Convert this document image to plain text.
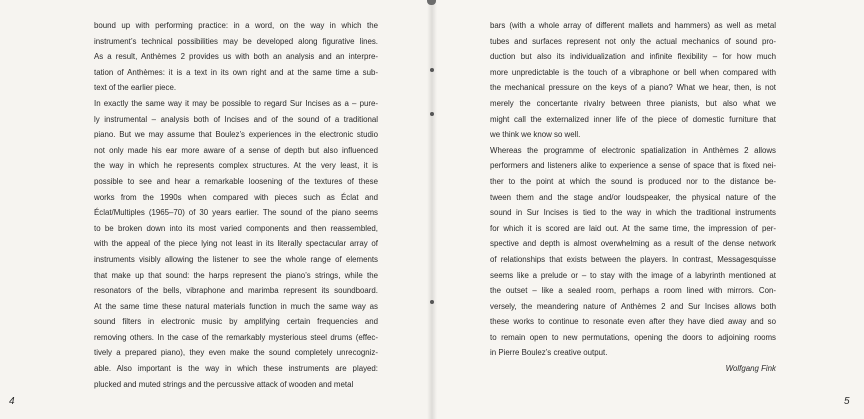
bound up with performing practice: in a word, on the way in which the
instrument’s technical possibilities may be developed along figurative lines.
As a result, Anthèmes 2 provides us with both an analysis and an interpre-
tation of Anthèmes: it is a text in its own right and at the same time a sub-
text of the earlier piece.
In exactly the same way it may be possible to regard Sur Incises as a – pure-
ly instrumental – analysis both of Incises and of the sound of a traditional
piano. But we may assume that Boulez’s experiences in the electronic studio
not only made his ear more aware of a sense of depth but also influenced
the way in which he represents complex structures. At the very least, it is
possible to see and hear a remarkable loosening of the textures of these
works from the 1990s when compared with pieces such as Éclat and
Éclat/Multiples (1965–70) of 30 years earlier. The sound of the piano seems
to be broken down into its most varied components and then reassembled,
with the appeal of the piece lying not least in its literally spectacular array of
instruments visibly allowing the listener to see the whole range of elements
that make up that sound: the harps represent the piano’s strings, while the
resonators of the bells, vibraphone and marimba represent its soundboard.
At the same time these natural materials function in much the same way as
sound filters in electronic music by amplifying certain frequencies and
removing others. In the case of the remarkably mysterious steel drums (effec-
tively a prepared piano), they even make the sound completely unrecogniz-
able. Also important is the way in which these instruments are played:
plucked and muted strings and the percussive attack of wooden and metal
bars (with a whole array of different mallets and hammers) as well as metal
tubes and surfaces represent not only the actual mechanics of sound pro-
duction but also its individualization and infinite flexibility – for how much
more unpredictable is the touch of a vibraphone or bell when compared with
the mechanical pressure on the keys of a piano? What we hear, then, is not
merely the concertante rivalry between three pianists, but also what we
might call the externalized inner life of the piece of domestic furniture that
we think we know so well.
Whereas the programme of electronic spatialization in Anthèmes 2 allows
performers and listeners alike to experience a sense of space that is fixed nei-
ther to the point at which the sound is produced nor to the distance be-
tween them and the stage and/or loudspeaker, the physical nature of the
sound in Sur Incises is tied to the way in which the traditional instruments
for which it is scored are laid out. At the same time, the impression of per-
spective and depth is almost overwhelming as a result of the dense network
of relationships that exists between the players. In contrast, Messagesquisse
seems like a prelude or – to stay with the image of a labyrinth mentioned at
the outset – like a sealed room, perhaps a room lined with mirrors. Con-
versely, the meandering nature of Anthèmes 2 and Sur Incises allows both
these works to continue to resonate even after they have died away and so
to remain open to new permutations, opening the doors to adjoining rooms
in Pierre Boulez’s creative output.
Wolfgang Fink
4	5
